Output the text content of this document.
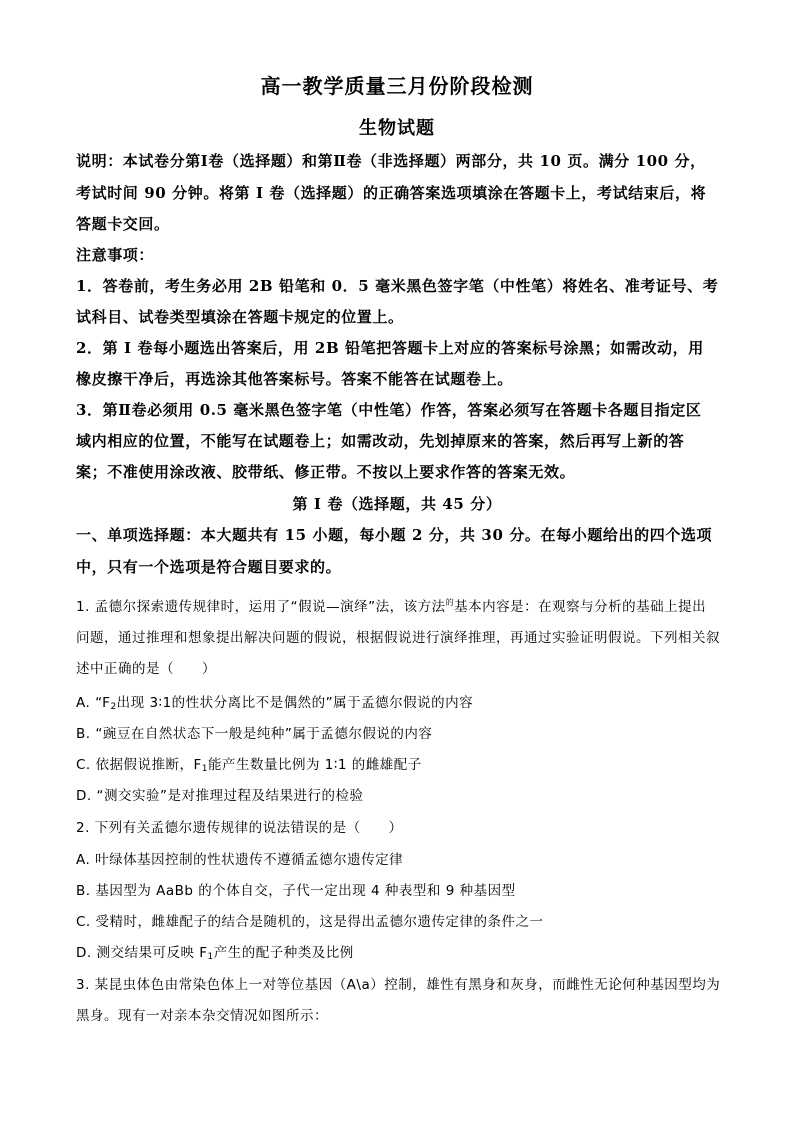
高一教学质量三月份阶段检测
生物试题
说明：本试卷分第Ⅰ卷（选择题）和第Ⅱ卷（非选择题）两部分，共 10 页。满分 100 分，
考试时间 90 分钟。将第 Ⅰ 卷（选择题）的正确答案选项填涂在答题卡上，考试结束后，将
答题卡交回。
注意事项：
1．答卷前，考生务必用 2B 铅笔和 0．5 毫米黑色签字笔（中性笔）将姓名、准考证号、考
试科目、试卷类型填涂在答题卡规定的位置上。
2．第 Ⅰ 卷每小题选出答案后，用 2B 铅笔把答题卡上对应的答案标号涂黑；如需改动，用
橡皮擦干净后，再选涂其他答案标号。答案不能答在试题卷上。
3．第Ⅱ卷必须用 0.5 毫米黑色签字笔（中性笔）作答，答案必须写在答题卡各题目指定区
域内相应的位置，不能写在试题卷上；如需改动，先划掉原来的答案，然后再写上新的答
案；不准使用涂改液、胶带纸、修正带。不按以上要求作答的答案无效。
第 Ⅰ 卷（选择题，共 45 分）
一、单项选择题：本大题共有 15 小题，每小题 2 分，共 30 分。在每小题给出的四个选项
中，只有一个选项是符合题目要求的。
1. 孟德尔探索遗传规律时，运用了“假说—演绎”法，该方法$^的$基本内容是：在观察与分析的基础上提出
问题，通过推理和想象提出解决问题的假说，根据假说进行演绎推理，再通过实验证明假说。下列相关叙
述中正确的是（　　）
A. “$F_2$出现 3∶1的性状分离比不是偶然的”属于孟德尔假说的内容
B. “豌豆在自然状态下一般是纯种”属于孟德尔假说的内容
C. 依据假说推断，$F_1$能产生数量比例为 1∶1 的雌雄配子
D. “测交实验”是对推理过程及结果进行的检验
2. 下列有关孟德尔遗传规律的说法错误的是（　　）
A. 叶绿体基因控制的性状遗传不遵循孟德尔遗传定律
B. 基因型为 AaBb 的个体自交，子代一定出现 4 种表型和 9 种基因型
C. 受精时，雌雄配子的结合是随机的，这是得出孟德尔遗传定律的条件之一
D. 测交结果可反映 $F_1$产生的配子种类及比例
3. 某昆虫体色由常染色体上一对等位基因（A\a）控制，雄性有黑身和灰身，而雌性无论何种基因型均为
黑身。现有一对亲本杂交情况如图所示：
